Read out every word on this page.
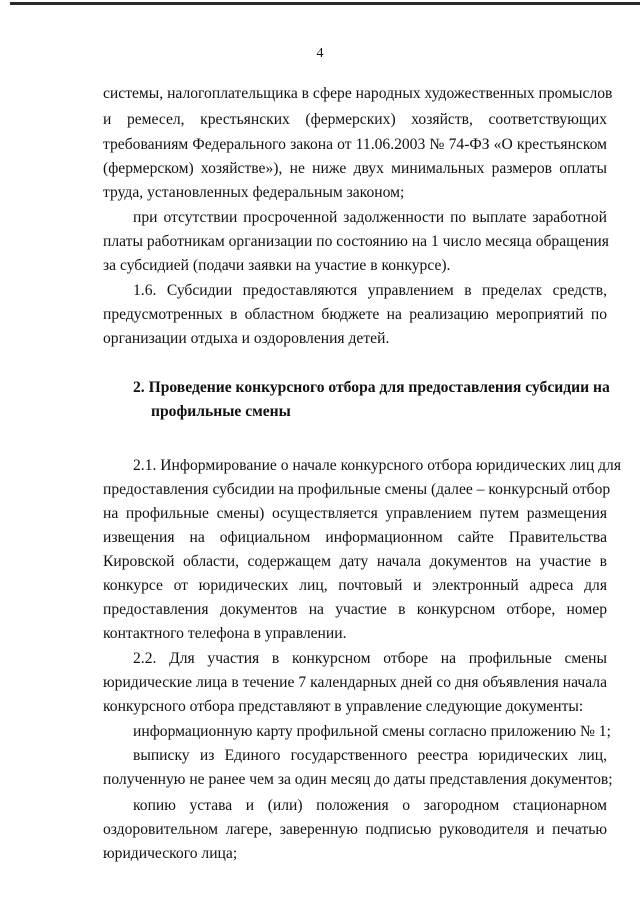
4
системы, налогоплательщика в сфере народных художественных промыслов
и ремесел, крестьянских (фермерских) хозяйств, соответствующих
требованиям Федерального закона от 11.06.2003 № 74-ФЗ «О крестьянском
(фермерском) хозяйстве»), не ниже двух минимальных размеров оплаты
труда, установленных федеральным законом;
при отсутствии просроченной задолженности по выплате заработной
платы работникам организации по состоянию на 1 число месяца обращения
за субсидией (подачи заявки на участие в конкурсе).
1.6. Субсидии предоставляются управлением в пределах средств,
предусмотренных в областном бюджете на реализацию мероприятий по
организации отдыха и оздоровления детей.
2. Проведение конкурсного отбора для предоставления субсидии на
профильные смены
2.1. Информирование о начале конкурсного отбора юридических лиц для
предоставления субсидии на профильные смены (далее – конкурсный отбор
на профильные смены) осуществляется управлением путем размещения
извещения на официальном информационном сайте Правительства
Кировской области, содержащем дату начала документов на участие в
конкурсе от юридических лиц, почтовый и электронный адреса для
предоставления документов на участие в конкурсном отборе, номер
контактного телефона в управлении.
2.2. Для участия в конкурсном отборе на профильные смены
юридические лица в течение 7 календарных дней со дня объявления начала
конкурсного отбора представляют в управление следующие документы:
информационную карту профильной смены согласно приложению № 1;
выписку из Единого государственного реестра юридических лиц,
полученную не ранее чем за один месяц до даты представления документов;
копию устава и (или) положения о загородном стационарном
оздоровительном лагере, заверенную подписью руководителя и печатью
юридического лица;
